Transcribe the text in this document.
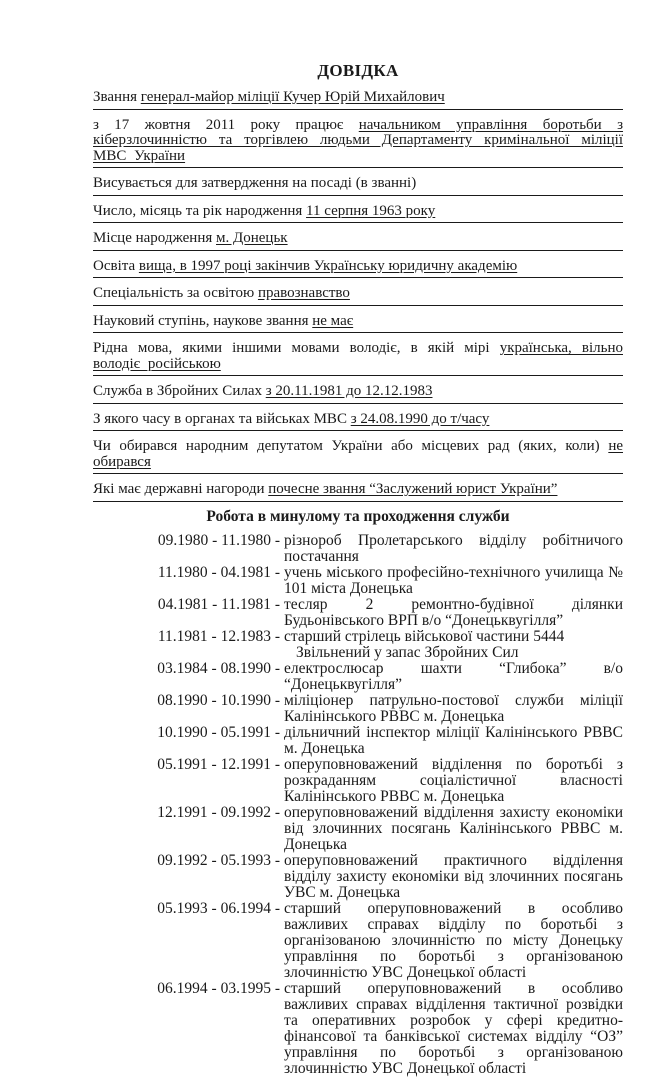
ДОВІДКА
Звання генерал-майор міліції Кучер Юрій Михайлович
з 17 жовтня 2011 року працює начальником управління боротьби з кіберзлочинністю та торгівлею людьми Департаменту кримінальної міліції МВС України
Висувається для затвердження на посаді (в званні)
Число, місяць та рік народження 11 серпня 1963 року
Місце народження м. Донецьк
Освіта вища, в 1997 році закінчив Українську юридичну академію
Спеціальність за освітою правознавство
Науковий ступінь, наукове звання не має
Рідна мова, якими іншими мовами володіє, в якій мірі українська, вільно володіє російською
Служба в Збройних Силах з 20.11.1981 до 12.12.1983
З якого часу в органах та військах МВС з 24.08.1990 до т/часу
Чи обирався народним депутатом України або місцевих рад (яких, коли) не обирався
Які має державні нагороди почесне звання “Заслужений юрист України”
Робота в минулому та проходження служби
09.1980 - 11.1980 - різнороб Пролетарського відділу робітничого постачання
11.1980 - 04.1981 - учень міського професійно-технічного училища № 101 міста Донецька
04.1981 - 11.1981 - тесляр 2 ремонтно-будівної ділянки Будьонівського ВРП в/о “Донецьквугілля”
11.1981 - 12.1983 - старший стрілець військової частини 5444
Звільнений у запас Збройних Сил
03.1984 - 08.1990 - електрослюсар шахти “Глибока” в/о “Донецьквугілля”
08.1990 - 10.1990 - міліціонер патрульно-постової служби міліції Калінінського РВВС м. Донецька
10.1990 - 05.1991 - дільничний інспектор міліції Калінінського РВВС м. Донецька
05.1991 - 12.1991 - оперуповноважений відділення по боротьбі з розкраданням соціалістичної власності Калінінського РВВС м. Донецька
12.1991 - 09.1992 - оперуповноважений відділення захисту економіки від злочинних посягань Калінінського РВВС м. Донецька
09.1992 - 05.1993 - оперуповноважений практичного відділення відділу захисту економіки від злочинних посягань УВС м. Донецька
05.1993 - 06.1994 - старший оперуповноважений в особливо важливих справах відділу по боротьбі з організованою злочинністю по місту Донецьку управління по боротьбі з організованою злочинністю УВС Донецької області
06.1994 - 03.1995 - старший оперуповноважений в особливо важливих справах відділення тактичної розвідки та оперативних розробок у сфері кредитно-фінансової та банківської системах відділу “ОЗ” управління по боротьбі з організованою злочинністю УВС Донецької області
